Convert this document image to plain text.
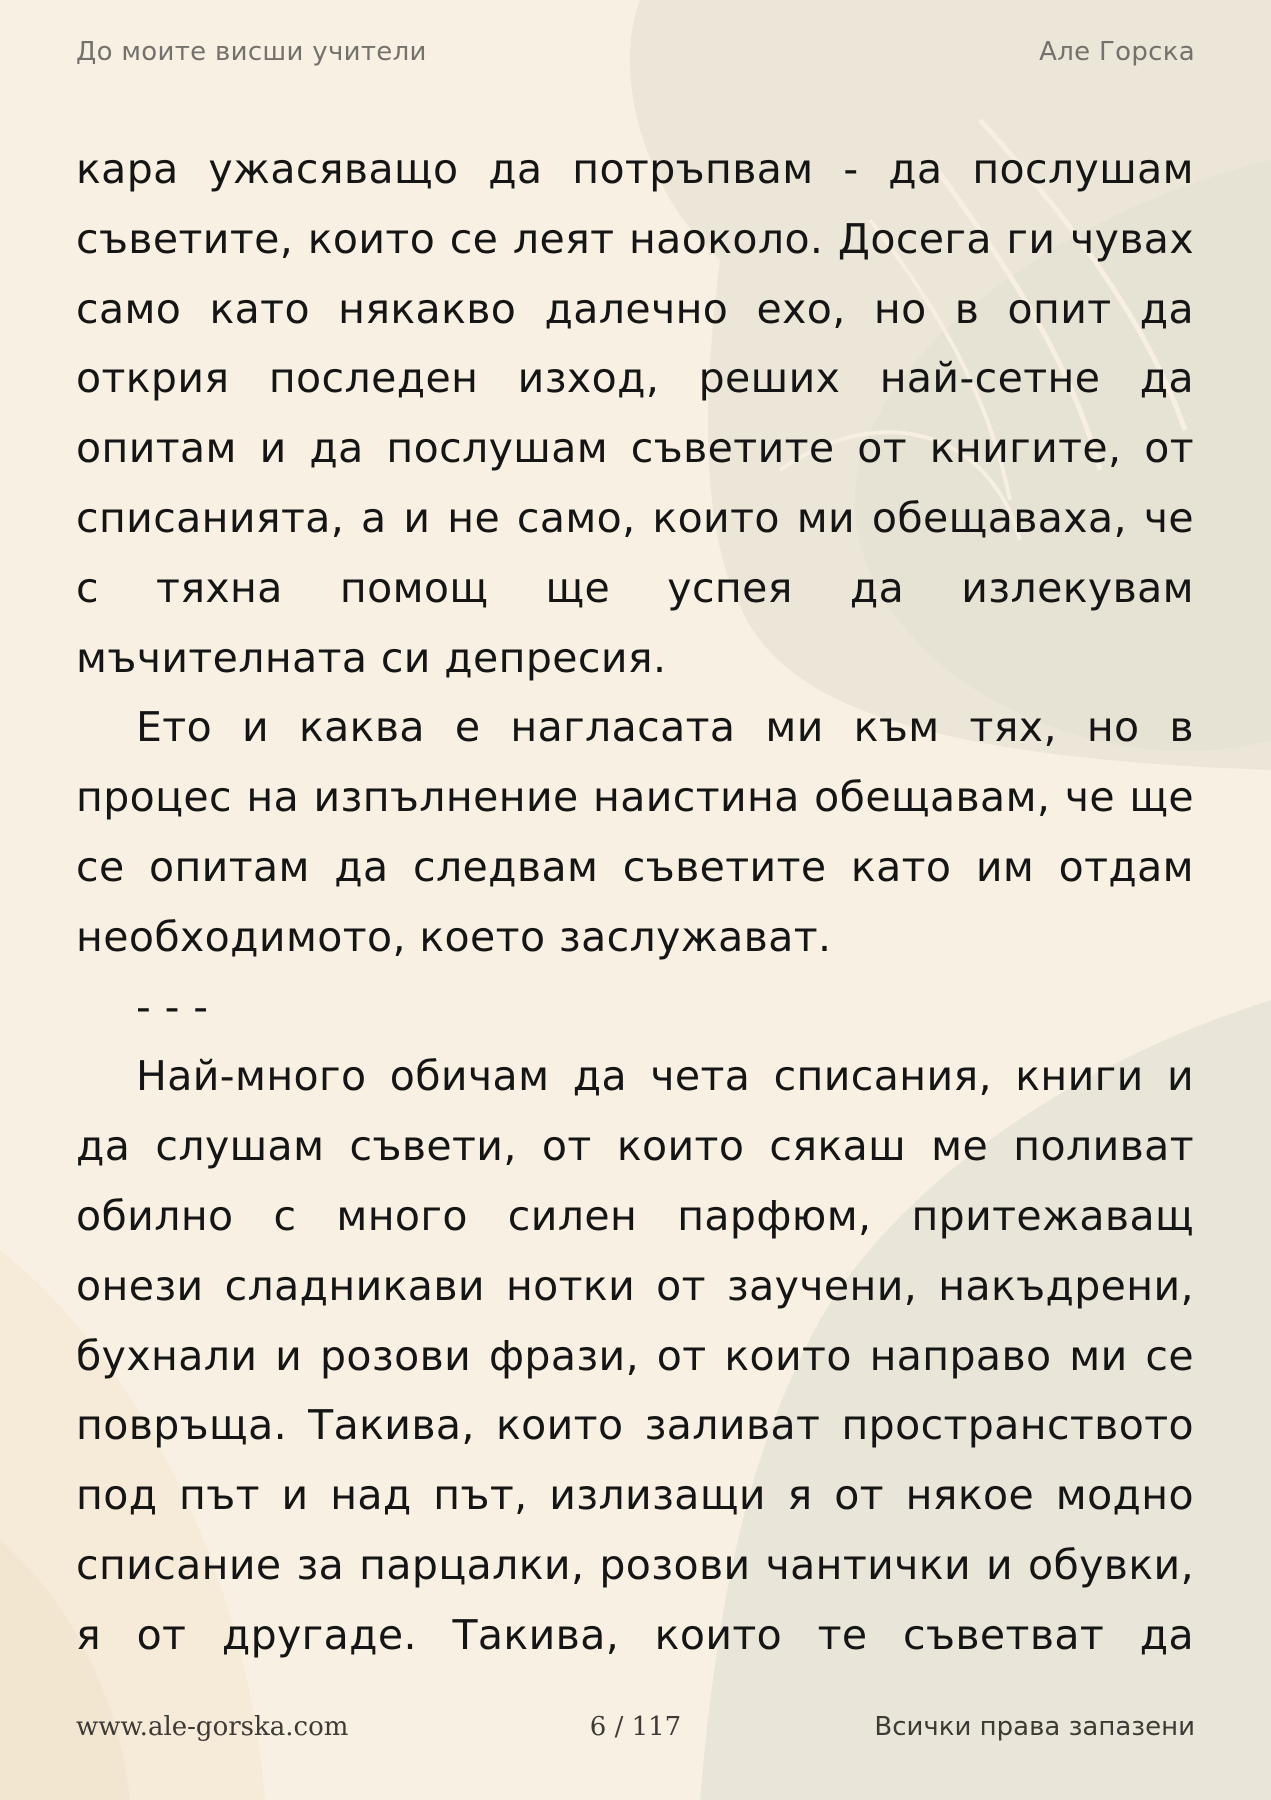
До моите висши учители	Але Горска

кара ужасяващо да потръпвам - да послушам съветите, които се леят наоколо. Досега ги чувах само като някакво далечно ехо, но в опит да открия последен изход, реших най-сетне да опитам и да послушам съветите от книгите, от списанията, а и не само, които ми обещаваха, че с тяхна помощ ще успея да излекувам мъчителната си депресия.

Ето и каква е нагласата ми към тях, но в процес на изпълнение наистина обещавам, че ще се опитам да следвам съветите като им отдам необходимото, което заслужават.

- - -

Най-много обичам да чета списания, книги и да слушам съвети, от които сякаш ме поливат обилно с много силен парфюм, притежаващ онези сладникави нотки от заучени, накъдрени, бухнали и розови фрази, от които направо ми се повръща. Такива, които заливат пространството под път и над път, излизащи я от някое модно списание за парцалки, розови чантички и обувки, я от другаде. Такива, които те съветват да

www.ale-gorska.com	6 / 117	Всички права запазени
